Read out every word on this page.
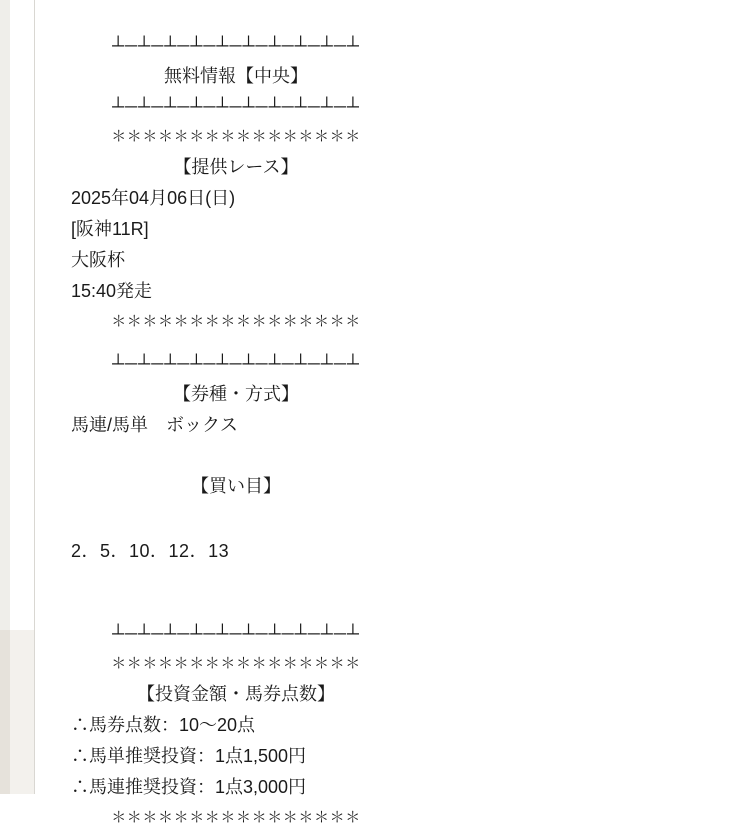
┴─┴─┴─┴─┴─┴─┴─┴─┴─┴
無料情報【中央】
┴─┴─┴─┴─┴─┴─┴─┴─┴─┴
＊＊＊＊＊＊＊＊＊＊＊＊＊＊＊＊
【提供レース】
2025年04月06日(日)
[阪神11R]
大阪杯
15:40発走
＊＊＊＊＊＊＊＊＊＊＊＊＊＊＊＊
┴─┴─┴─┴─┴─┴─┴─┴─┴─┴
【券種・方式】
馬連/馬単　ボックス
【買い目】
2．5．10．12．13
┴─┴─┴─┴─┴─┴─┴─┴─┴─┴
＊＊＊＊＊＊＊＊＊＊＊＊＊＊＊＊
【投資金額・馬券点数】
∴馬券点数：10〜20点
∴馬単推奨投資：1点1,500円
∴馬連推奨投資：1点3,000円
＊＊＊＊＊＊＊＊＊＊＊＊＊＊＊＊
